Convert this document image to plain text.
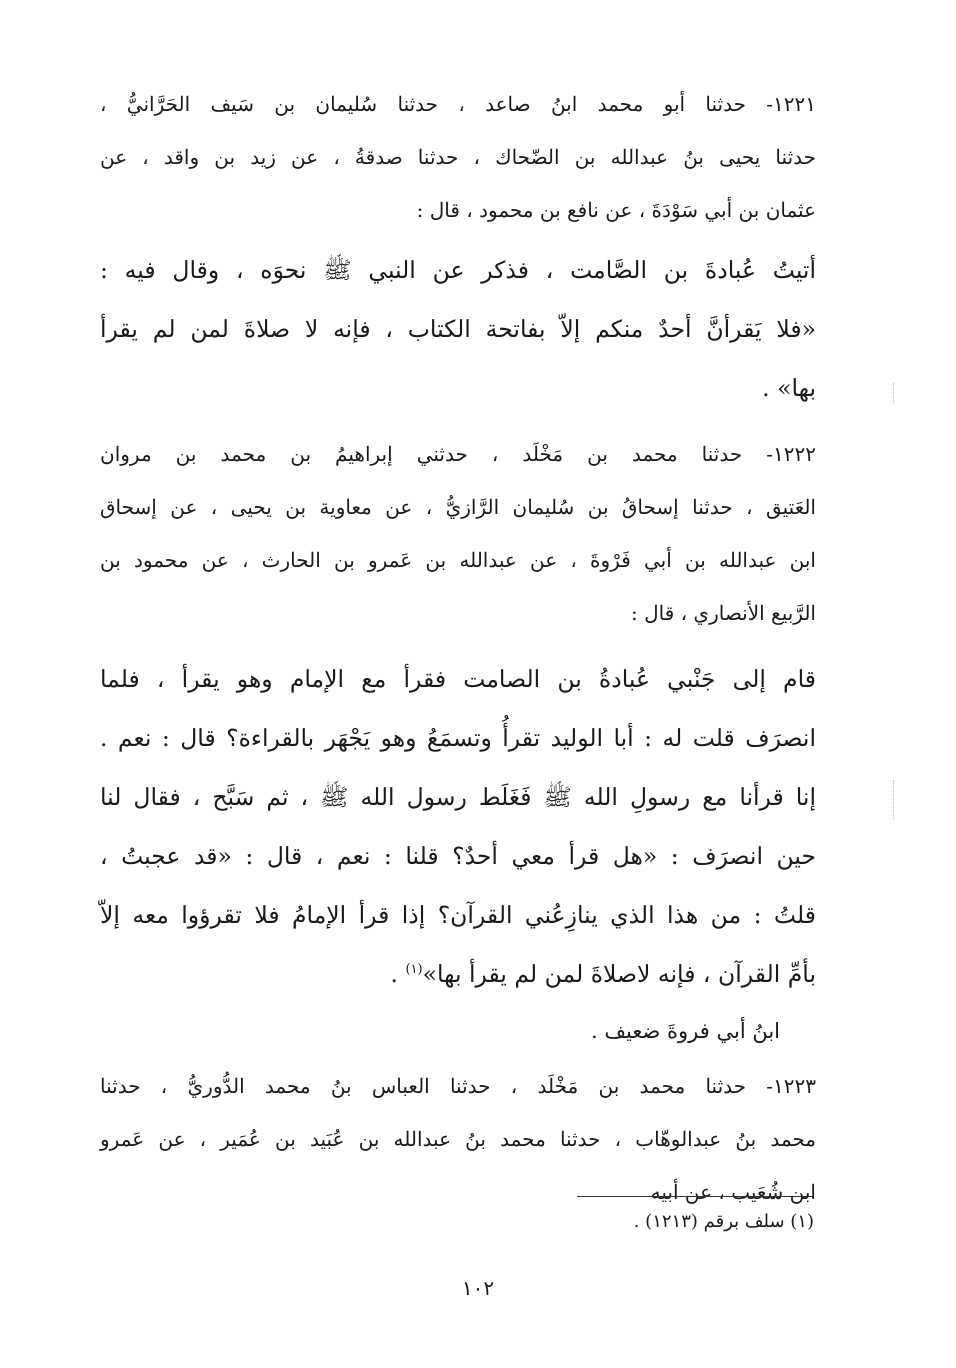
١٢٢١- حدثنا أبو محمد ابنُ صاعد ، حدثنا سُليمان بن سَيف الحَرَّانيُّ ،
حدثنا يحيى بنُ عبدالله بن الضّحاك ، حدثنا صدقةُ ، عن زيد بن واقد ، عن
عثمان بن أبي سَوْدَةَ ، عن نافع بن محمود ، قال :

أتيتُ عُبادةَ بن الصَّامت ، فذكر عن النبي ﷺ نحوَه ، وقال فيه :
«فلا يَقرأنَّ أحدٌ منكم إلاّ بفاتحة الكتاب ، فإنه لا صلاةَ لمن لم يقرأ
بها» .

١٢٢٢- حدثنا محمد بن مَخْلَد ، حدثني إبراهيمُ بن محمد بن مروان
العَتيق ، حدثنا إسحاقُ بن سُليمان الرَّازيُّ ، عن معاوية بن يحيى ، عن إسحاق
ابن عبدالله بن أبي فَرْوةَ ، عن عبدالله بن عَمرو بن الحارث ، عن محمود بن
الرَّبيع الأنصاري ، قال :

قام إلى جَنْبي عُبادةُ بن الصامت فقرأ مع الإمام وهو يقرأ ، فلما
انصرَف قلت له : أبا الوليد تقرأُ وتسمَعُ وهو يَجْهَر بالقراءة؟ قال : نعم .
إنا قرأنا مع رسولِ الله ﷺ فَغَلَط رسول الله ﷺ ، ثم سَبَّح ، فقال لنا
حين انصرَف : «هل قرأ معي أحدٌ؟ قلنا : نعم ، قال : «قد عجبتُ ،
قلتُ : من هذا الذي ينازِعُني القرآن؟ إذا قرأ الإمامُ فلا تقرؤوا معه إلاّ
بأمِّ القرآن ، فإنه لاصلاةَ لمن لم يقرأ بها»$^{(١)}$ .

ابنُ أبي فروةَ ضعيف .

١٢٢٣- حدثنا محمد بن مَخْلَد ، حدثنا العباس بنُ محمد الدُّوريُّ ، حدثنا
محمد بنُ عبدالوهّاب ، حدثنا محمد بنُ عبدالله بن عُبَيد بن عُمَير ، عن عَمرو
ابن شُعَيب ، عن أبيه

(١) سلف برقم (١٢١٣) .
١٠٢
